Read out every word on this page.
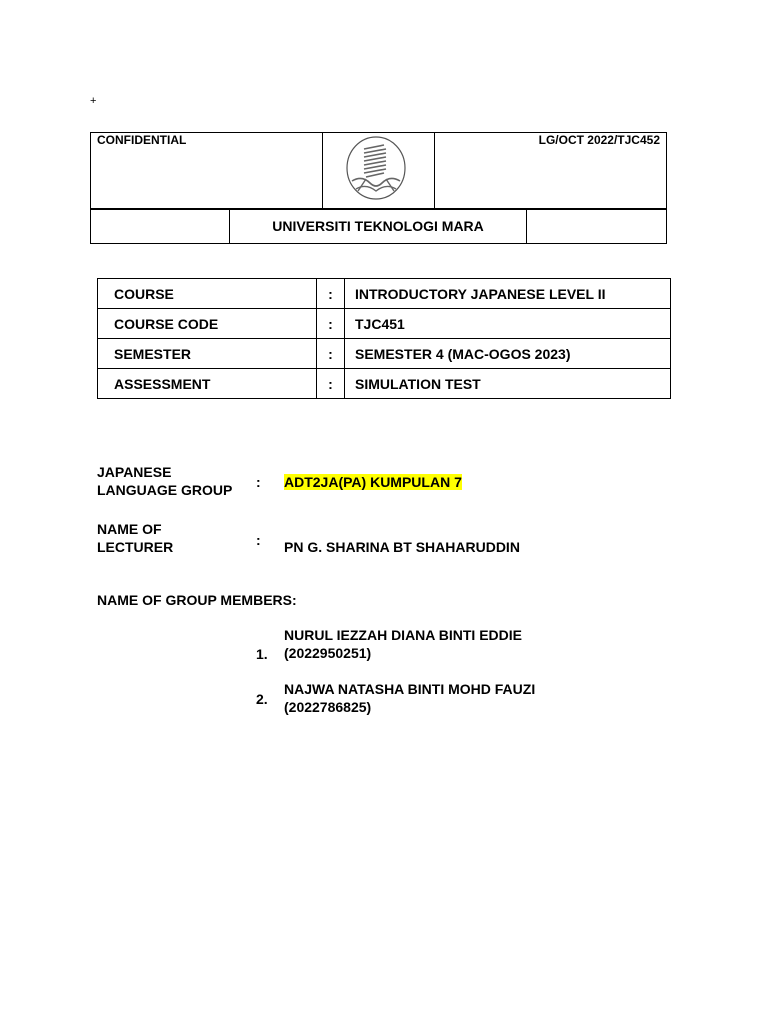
+
CONFIDENTIAL	LG/OCT 2022/TJC452
UNIVERSITI TEKNOLOGI MARA
COURSE	:	INTRODUCTORY JAPANESE LEVEL II
COURSE CODE	:	TJC451
SEMESTER	:	SEMESTER 4 (MAC-OGOS 2023)
ASSESSMENT	:	SIMULATION TEST
JAPANESE
LANGUAGE GROUP : ADT2JA(PA) KUMPULAN 7
NAME OF
LECTURER	: PN G. SHARINA BT SHAHARUDDIN
NAME OF GROUP MEMBERS:
1.
NURUL IEZZAH DIANA BINTI EDDIE
(2022950251)
2.
NAJWA NATASHA BINTI MOHD FAUZI
(2022786825)
